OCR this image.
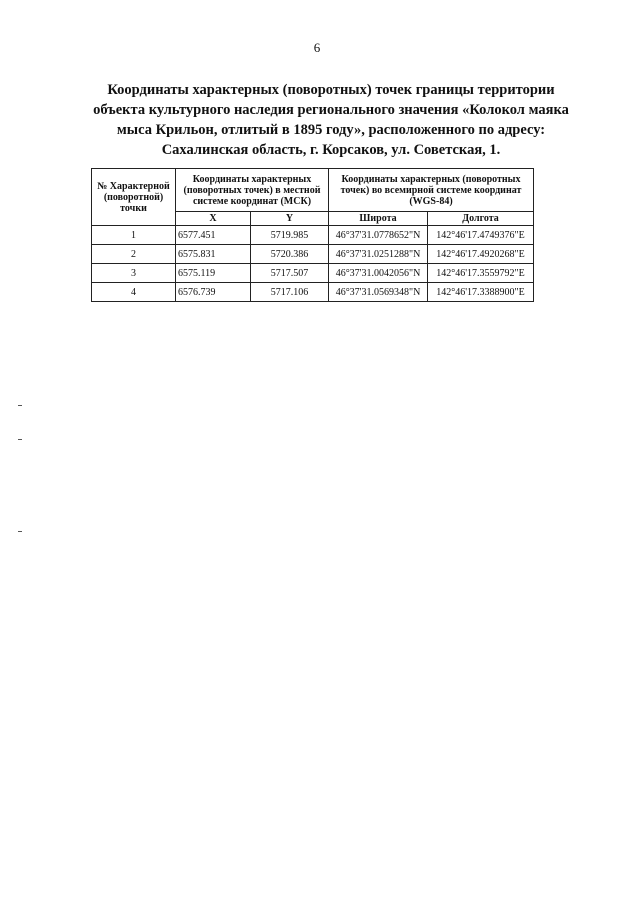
6
Координаты характерных (поворотных) точек границы территории
объекта культурного наследия регионального значения «Колокол маяка
мыса Крильон, отлитый в 1895 году», расположенного по адресу:
Сахалинская область, г. Корсаков, ул. Советская, 1.
№ Характерной (поворотной) точки	Координаты характерных (поворотных точек) в местной системе координат (МСК)		Координаты характерных (поворотных точек) во всемирной системе координат (WGS-84)	
	X	Y	Широта	Долгота
1	6577.451	5719.985	46°37'31.0778652"N	142°46'17.4749376"E
2	6575.831	5720.386	46°37'31.0251288"N	142°46'17.4920268"E
3	6575.119	5717.507	46°37'31.0042056"N	142°46'17.3559792"E
4	6576.739	5717.106	46°37'31.0569348"N	142°46'17.3388900"E
